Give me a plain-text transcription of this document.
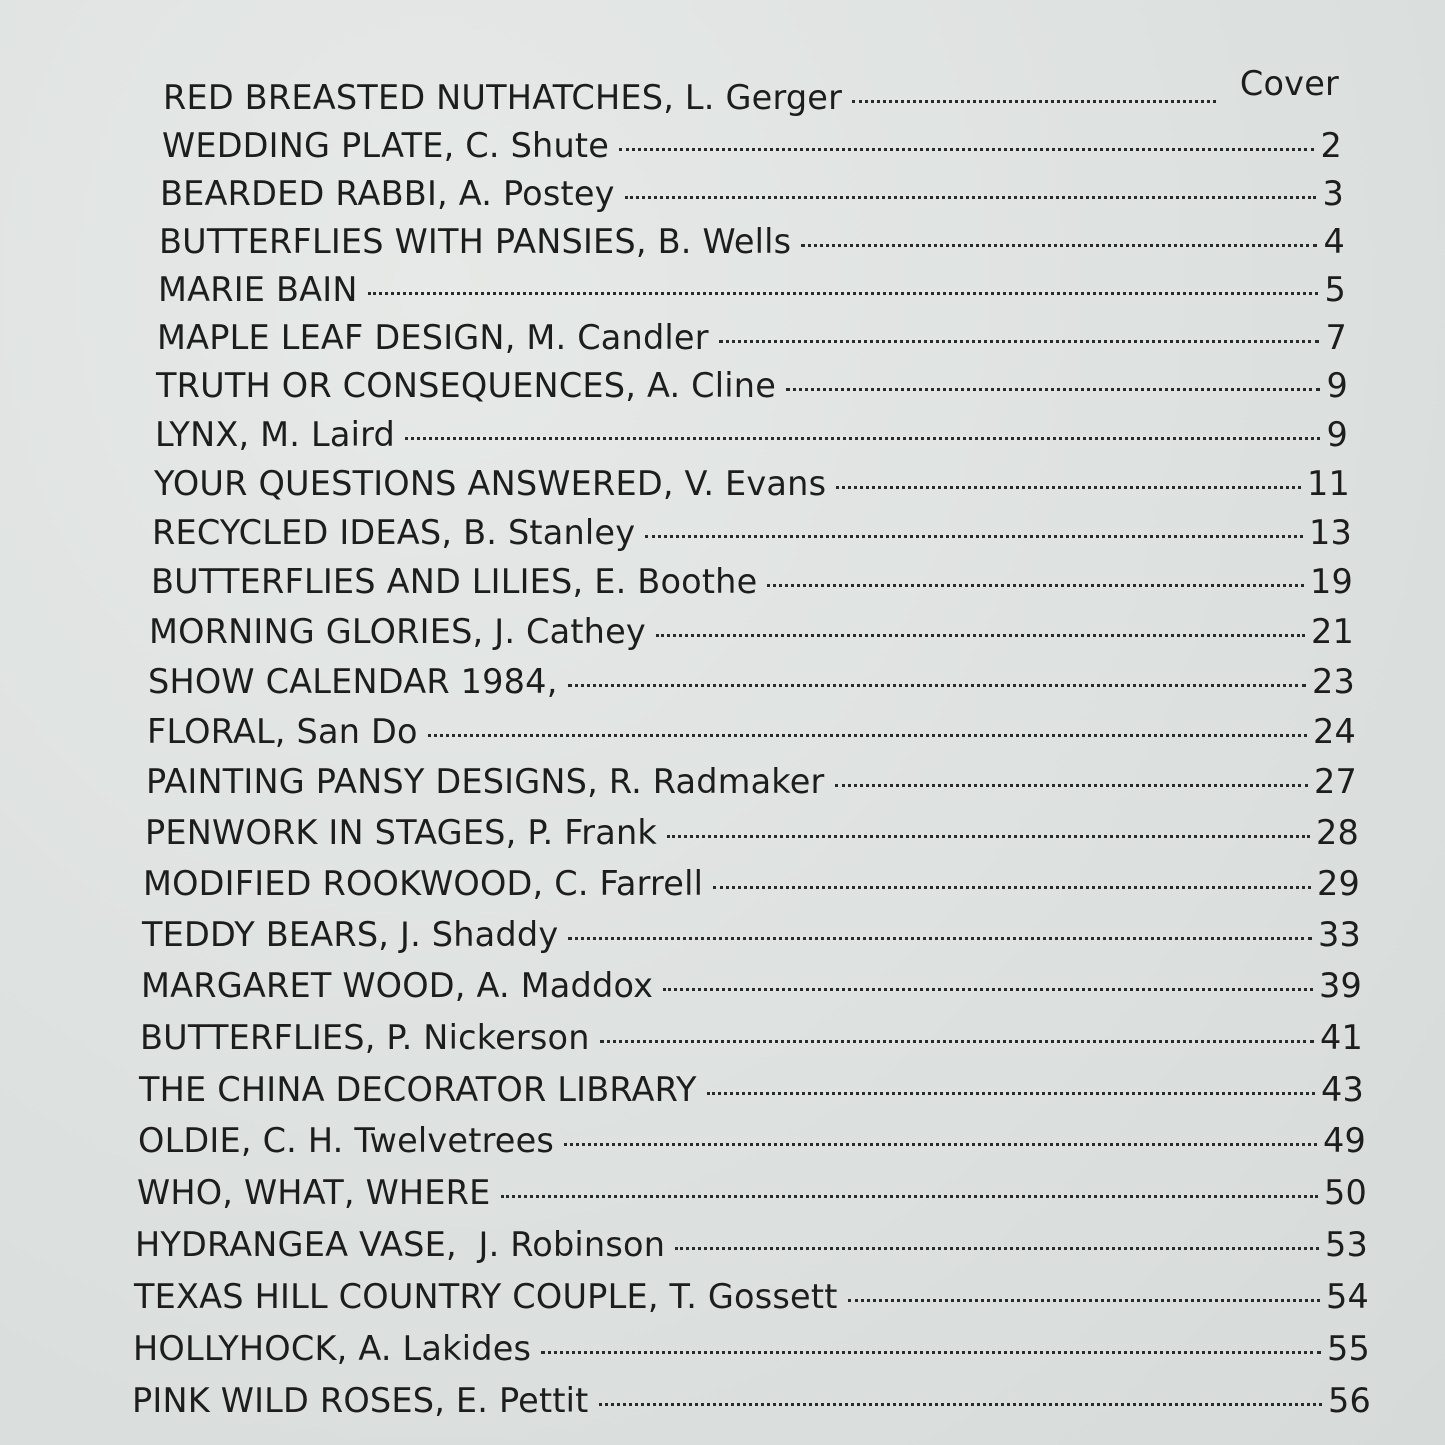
RED BREASTED NUTHATCHES, L. Gerger	Cover
WEDDING PLATE, C. Shute	2
BEARDED RABBI, A. Postey	3
BUTTERFLIES WITH PANSIES, B. Wells	4
MARIE BAIN	5
MAPLE LEAF DESIGN, M. Candler	7
TRUTH OR CONSEQUENCES, A. Cline	9
LYNX, M. Laird	9
YOUR QUESTIONS ANSWERED, V. Evans	11
RECYCLED IDEAS, B. Stanley	13
BUTTERFLIES AND LILIES, E. Boothe	19
MORNING GLORIES, J. Cathey	21
SHOW CALENDAR 1984,	23
FLORAL, San Do	24
PAINTING PANSY DESIGNS, R. Radmaker	27
PENWORK IN STAGES, P. Frank	28
MODIFIED ROOKWOOD, C. Farrell	29
TEDDY BEARS, J. Shaddy	33
MARGARET WOOD, A. Maddox	39
BUTTERFLIES, P. Nickerson	41
THE CHINA DECORATOR LIBRARY	43
OLDIE, C. H. Twelvetrees	49
WHO, WHAT, WHERE	50
HYDRANGEA VASE,  J. Robinson	53
TEXAS HILL COUNTRY COUPLE, T. Gossett	54
HOLLYHOCK, A. Lakides	55
PINK WILD ROSES, E. Pettit	56
